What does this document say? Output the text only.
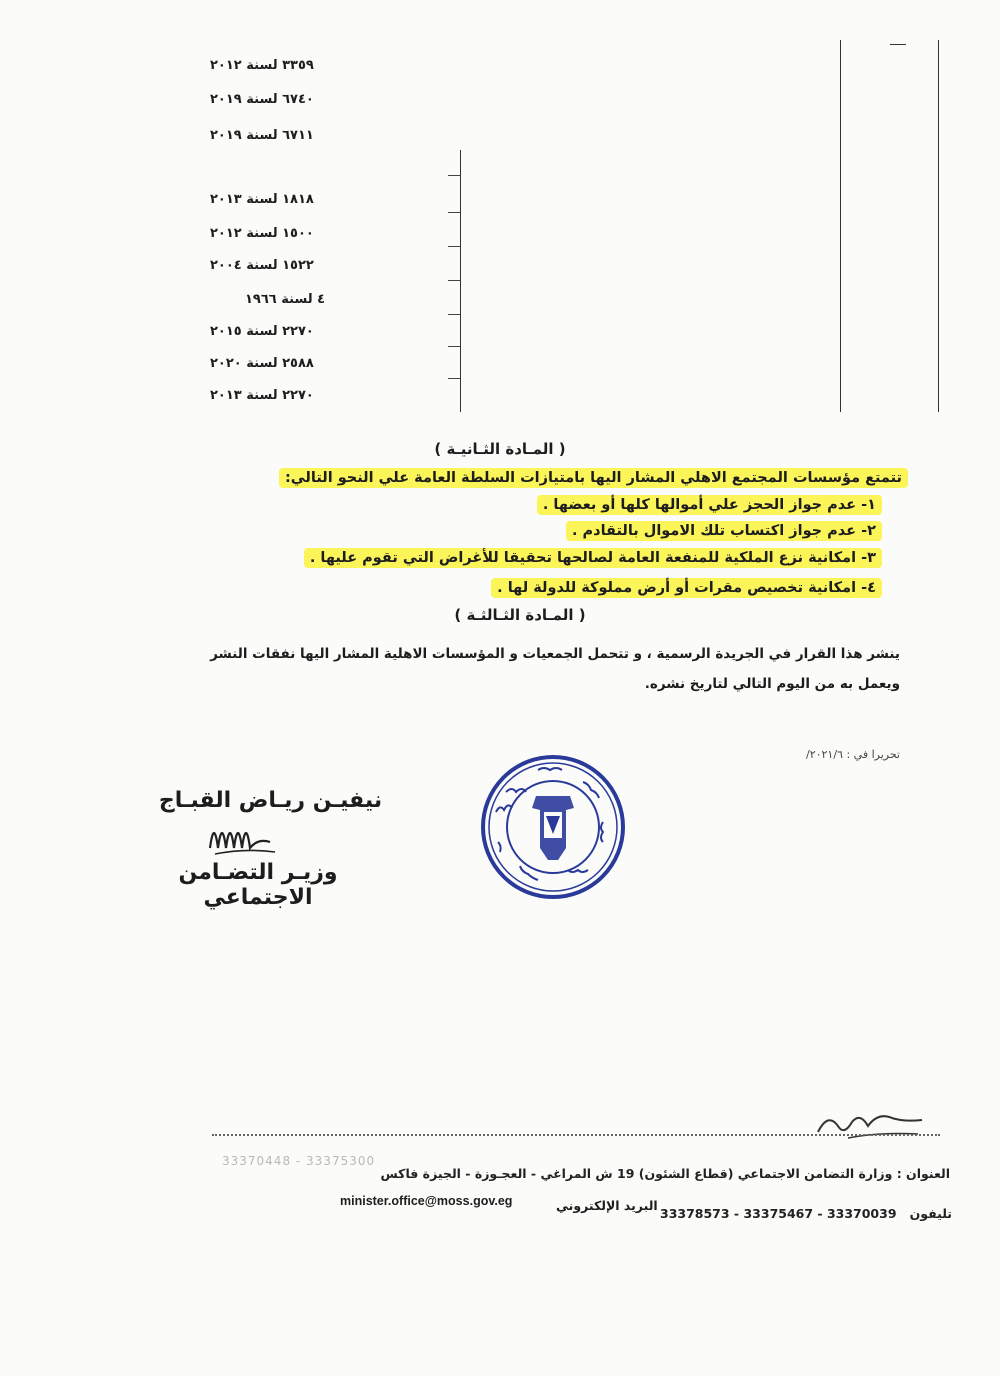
٣٣٥٩ لسنة ٢٠١٢
٦٧٤٠ لسنة ٢٠١٩
٦٧١١ لسنة ٢٠١٩
١٨١٨ لسنة ٢٠١٣
١٥٠٠ لسنة ٢٠١٢
١٥٢٢ لسنة ٢٠٠٤
٤ لسنة ١٩٦٦
٢٢٧٠ لسنة ٢٠١٥
٢٥٨٨ لسنة ٢٠٢٠
٢٢٧٠ لسنة ٢٠١٣
( المـادة الثـانيـة )
تتمتع مؤسسات المجتمع الاهلي المشار اليها بامتيازات السلطة العامة علي النحو التالي:
١- عدم جواز الحجز علي أموالها كلها أو بعضها .
٢- عدم جواز اكتساب تلك الاموال بالتقادم .
٣- امكانية نزع الملكية للمنفعة العامة لصالحها تحقيقا للأغراض التي تقوم عليها .
٤- امكانية تخصيص مقرات أو أرض مملوكة للدولة لها .
( المـادة الثـالثـة )
ينشر هذا القرار في الجريدة الرسمية ، و تتحمل الجمعيات و المؤسسات الاهلية المشار اليها نفقات النشر
ويعمل به من اليوم التالي لتاريخ نشره.
تحريرا في : ٢٠٢١/٦/
نيفيـن ريـاض القبـاج
وزيـر التضـامن الاجتماعي
33370448 - 33375300
العنوان : وزارة التضامن الاجتماعي (قطاع الشئون) 19 ش المراغي - العجـوزة - الجيزة فاكس
minister.office@moss.gov.eg	البريد الإلكتروني
تليفون   33378573 - 33375467 - 33370039
